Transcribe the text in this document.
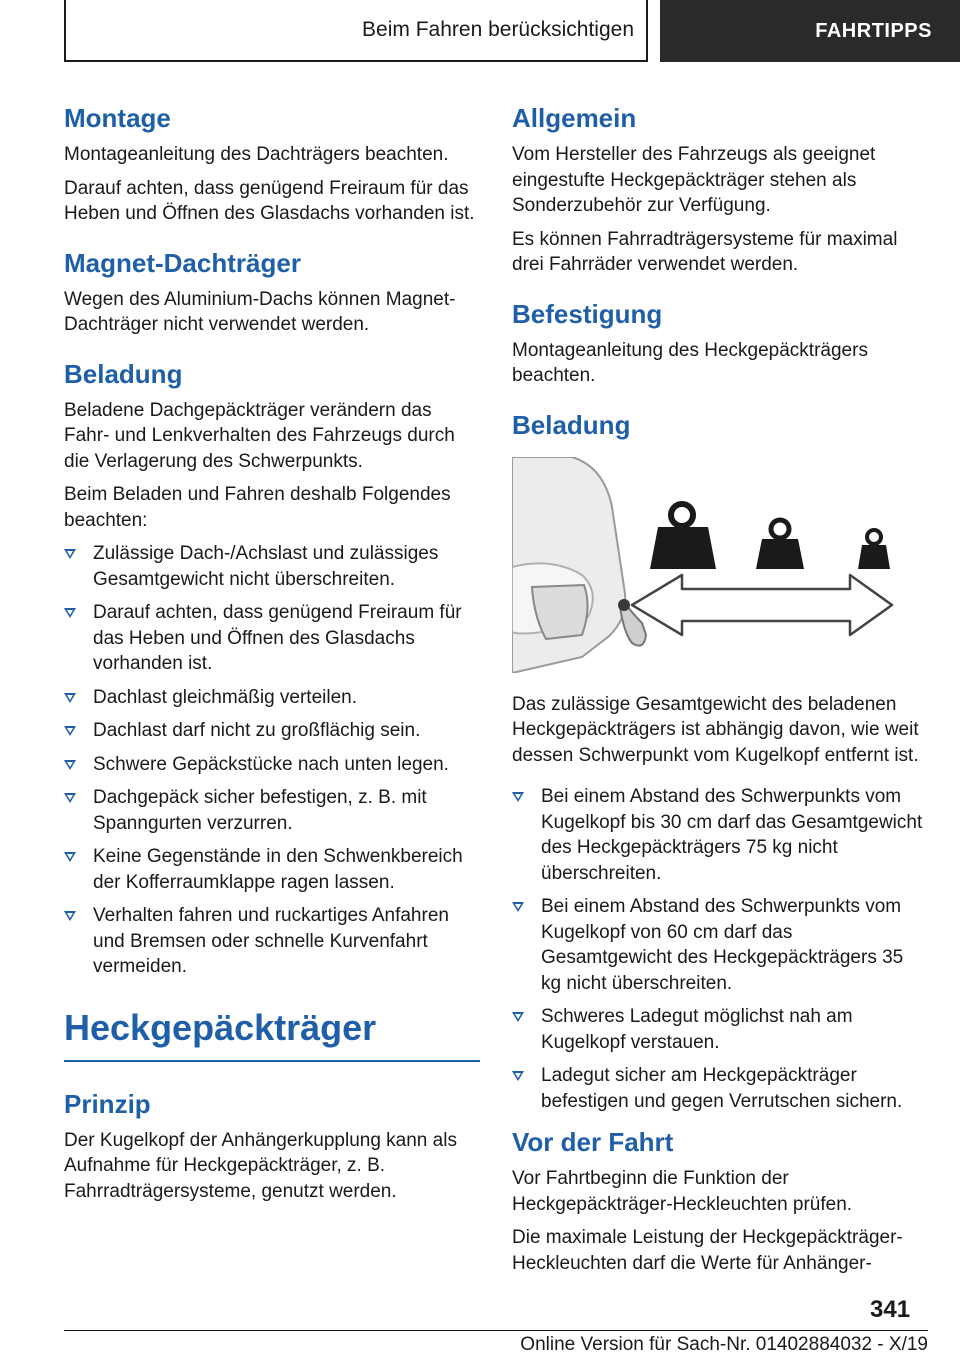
Beim Fahren berücksichtigen	FAHRTIPPS
Montage

Montageanleitung des Dachträgers beachten.

Darauf achten, dass genügend Freiraum für das Heben und Öffnen des Glasdachs vorhanden ist.

Magnet-Dachträger

Wegen des Aluminium-Dachs können Magnet-Dachträger nicht verwendet werden.

Beladung

Beladene Dachgepäckträger verändern das Fahr- und Lenkverhalten des Fahrzeugs durch die Verlagerung des Schwerpunkts.

Beim Beladen und Fahren deshalb Folgendes beachten:

Zulässige Dach-/Achslast und zulässiges Gesamtgewicht nicht überschreiten.
Darauf achten, dass genügend Freiraum für das Heben und Öffnen des Glasdachs vorhanden ist.
Dachlast gleichmäßig verteilen.
Dachlast darf nicht zu großflächig sein.
Schwere Gepäckstücke nach unten legen.
Dachgepäck sicher befestigen, z. B. mit Spanngurten verzurren.
Keine Gegenstände in den Schwenkbereich der Kofferraumklappe ragen lassen.
Verhalten fahren und ruckartiges Anfahren und Bremsen oder schnelle Kurvenfahrt vermeiden.
Heckgepäckträger
Prinzip

Der Kugelkopf der Anhängerkupplung kann als Aufnahme für Heckgepäckträger, z. B. Fahrradträgersysteme, genutzt werden.

Allgemein

Vom Hersteller des Fahrzeugs als geeignet eingestufte Heckgepäckträger stehen als Sonderzubehör zur Verfügung.

Es können Fahrradträgersysteme für maximal drei Fahrräder verwendet werden.

Befestigung

Montageanleitung des Heckgepäckträgers beachten.

Beladung

Das zulässige Gesamtgewicht des beladenen Heckgepäckträgers ist abhängig davon, wie weit dessen Schwerpunkt vom Kugelkopf entfernt ist.

Bei einem Abstand des Schwerpunkts vom Kugelkopf bis 30 cm darf das Gesamtgewicht des Heckgepäckträgers 75 kg nicht überschreiten.
Bei einem Abstand des Schwerpunkts vom Kugelkopf von 60 cm darf das Gesamtgewicht des Heckgepäckträgers 35 kg nicht überschreiten.
Schweres Ladegut möglichst nah am Kugelkopf verstauen.
Ladegut sicher am Heckgepäckträger befestigen und gegen Verrutschen sichern.
Vor der Fahrt

Vor Fahrtbeginn die Funktion der Heckgepäckträger-Heckleuchten prüfen.

Die maximale Leistung der Heckgepäckträger-Heckleuchten darf die Werte für Anhänger-

341
Online Version für Sach-Nr. 01402884032 - X/19
